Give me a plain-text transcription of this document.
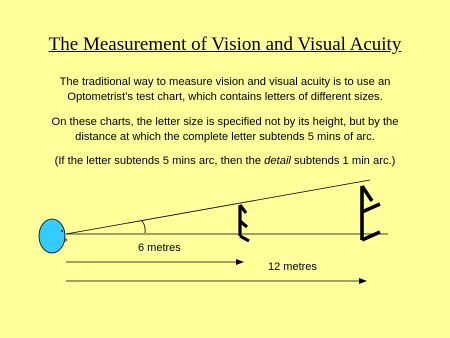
The Measurement of Vision and Visual Acuity
The traditional way to measure vision and visual acuity is to use an
Optometrist’s test chart, which contains letters of different sizes.
On these charts, the letter size is specified not by its height, but by the
distance at which the complete letter subtends 5 mins of arc.
(If the letter subtends 5 mins arc, then the detail subtends 1 min arc.)
6 metres
12 metres
